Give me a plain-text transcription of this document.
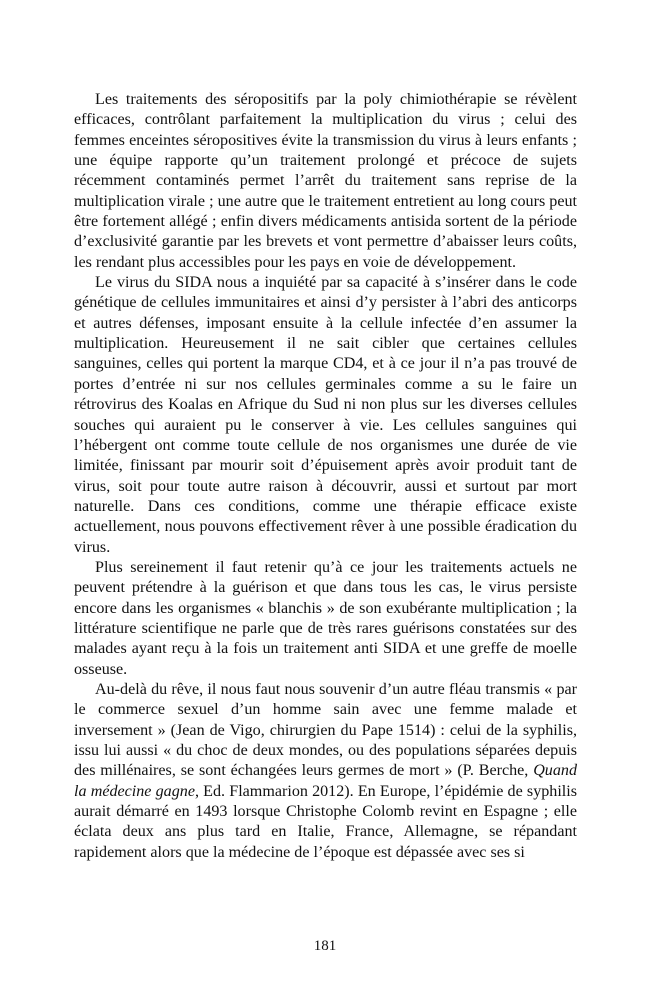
Les traitements des séropositifs par la poly chimiothérapie se révèlent efficaces, contrôlant parfaitement la multiplication du virus ; celui des femmes enceintes séropositives évite la transmission du virus à leurs enfants ; une équipe rapporte qu’un traitement prolongé et précoce de sujets récemment contaminés permet l’arrêt du traitement sans reprise de la multiplication virale ; une autre que le traitement entretient au long cours peut être fortement allégé ; enfin divers médicaments antisida sortent de la période d’exclusivité garantie par les brevets et vont permettre d’abaisser leurs coûts, les rendant plus accessibles pour les pays en voie de développement.

Le virus du SIDA nous a inquiété par sa capacité à s’insérer dans le code génétique de cellules immunitaires et ainsi d’y persister à l’abri des anticorps et autres défenses, imposant ensuite à la cellule infectée d’en assumer la multiplication. Heureusement il ne sait cibler que certaines cellules sanguines, celles qui portent la marque CD4, et à ce jour il n’a pas trouvé de portes d’entrée ni sur nos cellules germinales comme a su le faire un rétrovirus des Koalas en Afrique du Sud ni non plus sur les diverses cellules souches qui auraient pu le conserver à vie. Les cellules sanguines qui l’hébergent ont comme toute cellule de nos organismes une durée de vie limitée, finissant par mourir soit d’épuisement après avoir produit tant de virus, soit pour toute autre raison à découvrir, aussi et surtout par mort naturelle. Dans ces conditions, comme une thérapie efficace existe actuellement, nous pouvons effectivement rêver à une possible éradication du virus.

Plus sereinement il faut retenir qu’à ce jour les traitements actuels ne peuvent prétendre à la guérison et que dans tous les cas, le virus persiste encore dans les organismes « blanchis » de son exubérante multiplication ; la littérature scientifique ne parle que de très rares guérisons constatées sur des malades ayant reçu à la fois un traitement anti SIDA et une greffe de moelle osseuse.

Au-delà du rêve, il nous faut nous souvenir d’un autre fléau transmis « par le commerce sexuel d’un homme sain avec une femme malade et inversement » (Jean de Vigo, chirurgien du Pape 1514) : celui de la syphilis, issu lui aussi « du choc de deux mondes, ou des populations séparées depuis des millénaires, se sont échangées leurs germes de mort » (P. Berche, Quand la médecine gagne, Ed. Flammarion 2012). En Europe, l’épidémie de syphilis aurait démarré en 1493 lorsque Christophe Colomb revint en Espagne ; elle éclata deux ans plus tard en Italie, France, Allemagne, se répandant rapidement alors que la médecine de l’époque est dépassée avec ses si

181
